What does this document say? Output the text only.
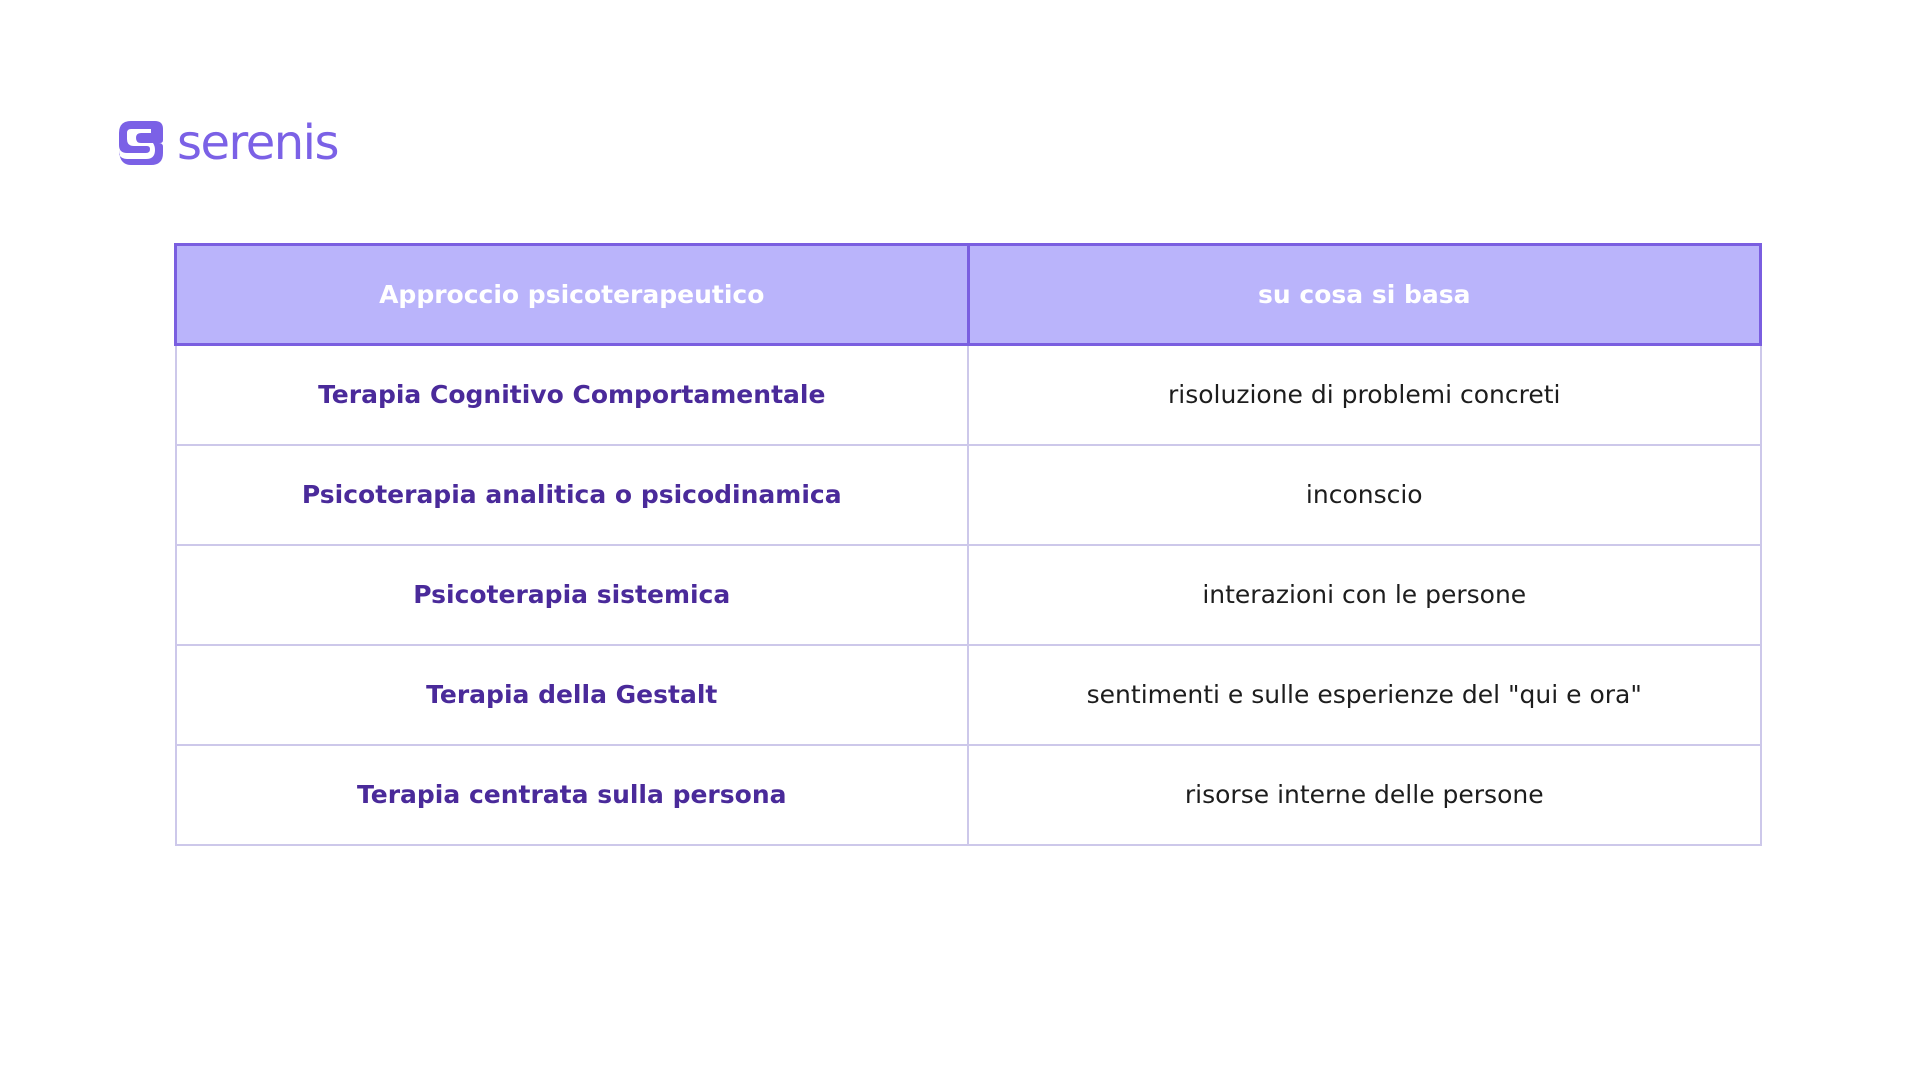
serenis
Approccio psicoterapeutico	su cosa si basa
Terapia Cognitivo Comportamentale	risoluzione di problemi concreti
Psicoterapia analitica o psicodinamica	inconscio
Psicoterapia sistemica	interazioni con le persone
Terapia della Gestalt	sentimenti e sulle esperienze del "qui e ora"
Terapia centrata sulla persona	risorse interne delle persone
